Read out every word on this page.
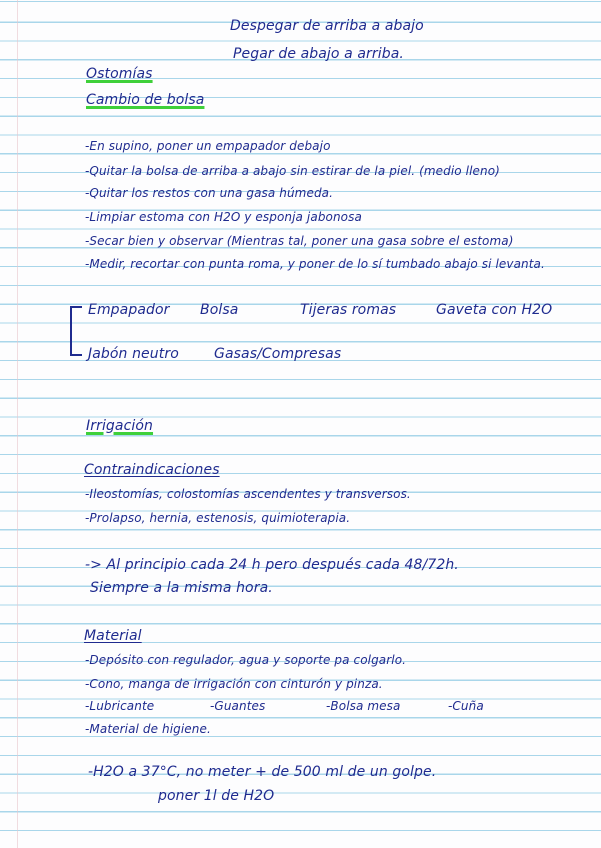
Despegar de arriba a abajo

Pegar de abajo a arriba.

Ostomías

Cambio de bolsa

-En supino, poner un empapador debajo

-Quitar la bolsa de arriba a abajo sin estirar de la piel. (medio lleno)

-Quitar los restos con una gasa húmeda.

-Limpiar estoma con H2O y esponja jabonosa

-Secar bien y observar (Mientras tal, poner una gasa sobre el estoma)

-Medir, recortar con punta roma, y poner de lo sí tumbado abajo si levanta.

Empapador Bolsa	Tijeras romas	Gaveta con H2O

Jabón neutro	Gasas/Compresas

Irrigación

Contraindicaciones

-Ileostomías, colostomías ascendentes y transversos.

-Prolapso, hernia, estenosis, quimioterapia.

-> Al principio cada 24 h pero después cada 48/72h.

Siempre a la misma hora.

Material

-Depósito con regulador, agua y soporte pa colgarlo.

-Cono, manga de irrigación con cinturón y pinza.

-Lubricante	-Guantes	-Bolsa mesa	-Cuña

-Material de higiene.

-H2O a 37°C, no meter + de 500 ml de un golpe.

poner 1l de H2O
